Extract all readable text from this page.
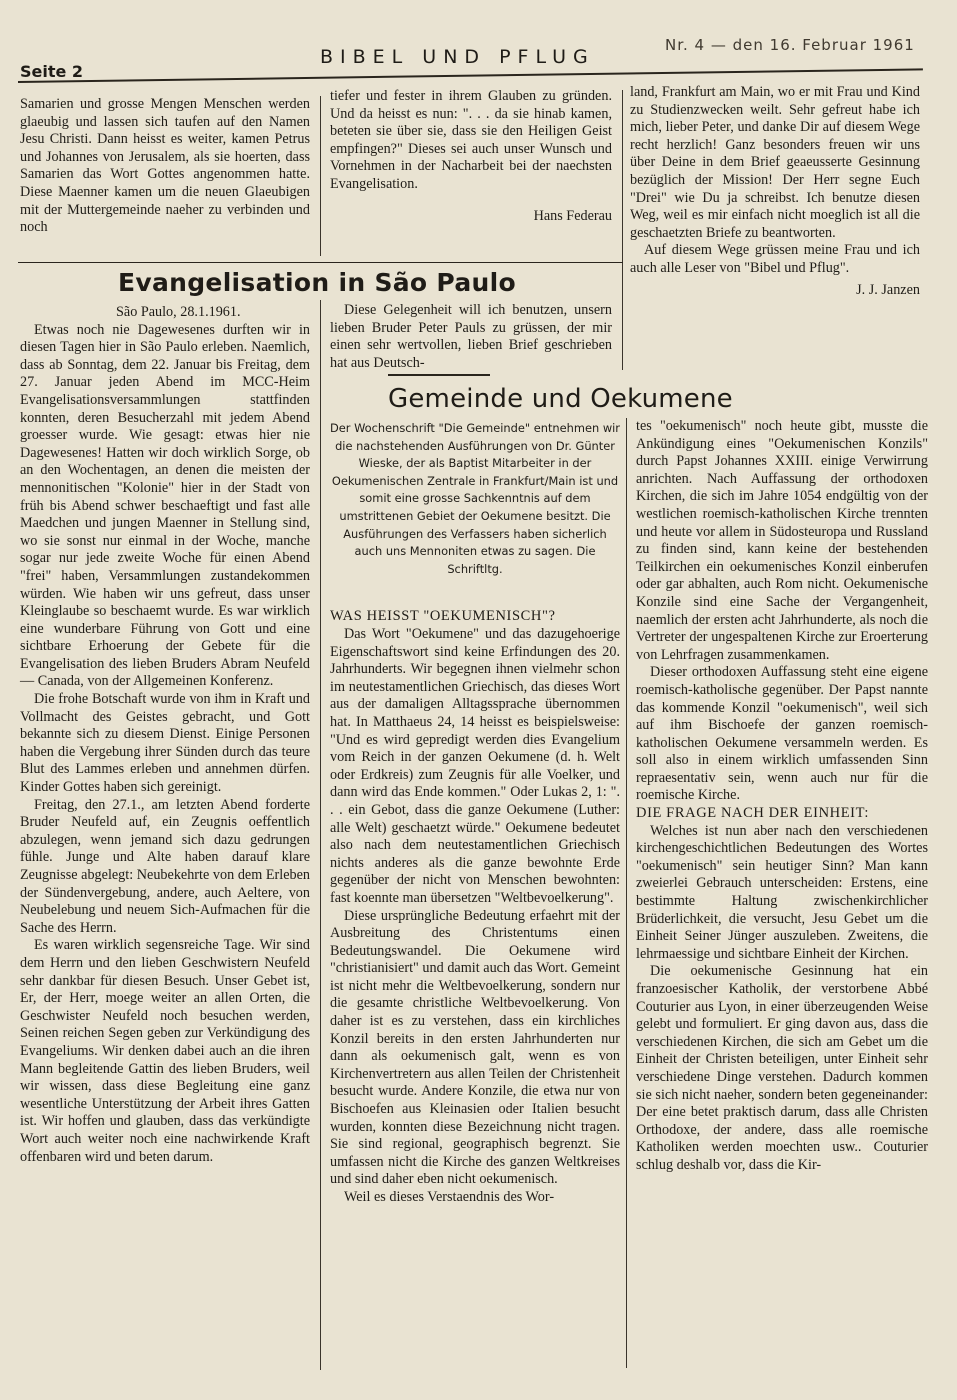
Seite 2
BIBEL UND PFLUG
Nr. 4 — den 16. Februar 1961

Samarien und grosse Mengen Menschen werden glaeubig und lassen sich taufen auf den Namen Jesu Christi. Dann heisst es weiter, kamen Petrus und Johannes von Jerusalem, als sie hoerten, dass Samarien das Wort Gottes angenommen hatte. Diese Maenner kamen um die neuen Glaeubigen mit der Muttergemeinde naeher zu verbinden und noch

tiefer und fester in ihrem Glauben zu gründen. Und da heisst es nun: ". . . da sie hinab kamen, beteten sie über sie, dass sie den Heiligen Geist empfingen?" Dieses sei auch unser Wunsch und Vornehmen in der Nacharbeit bei der naechsten Evangelisation.

Hans Federau

land, Frankfurt am Main, wo er mit Frau und Kind zu Studienzwecken weilt. Sehr gefreut habe ich mich, lieber Peter, und danke Dir auf diesem Wege recht herzlich! Ganz besonders freuen wir uns über Deine in dem Brief geaeusserte Gesinnung bezüglich der Mission! Der Herr segne Euch "Drei" wie Du ja schreibst. Ich benutze diesen Weg, weil es mir einfach nicht moeglich ist all die geschaetzten Briefe zu beantworten.

Auf diesem Wege grüssen meine Frau und ich auch alle Leser von "Bibel und Pflug".

J. J. Janzen

Evangelisation in São Paulo

São Paulo, 28.1.1961.

Etwas noch nie Dagewesenes durften wir in diesen Tagen hier in São Paulo erleben. Naemlich, dass ab Sonntag, dem 22. Januar bis Freitag, dem 27. Januar jeden Abend im MCC-Heim Evangelisationsversammlungen stattfinden konnten, deren Besucherzahl mit jedem Abend groesser wurde. Wie gesagt: etwas hier nie Dagewesenes! Hatten wir doch wirklich Sorge, ob an den Wochentagen, an denen die meisten der mennonitischen "Kolonie" hier in der Stadt von früh bis Abend schwer beschaeftigt und fast alle Maedchen und jungen Maenner in Stellung sind, wo sie sonst nur einmal in der Woche, manche sogar nur jede zweite Woche für einen Abend "frei" haben, Versammlungen zustandekommen würden. Wie haben wir uns gefreut, dass unser Kleinglaube so beschaemt wurde. Es war wirklich eine wunderbare Führung von Gott und eine sichtbare Erhoerung der Gebete für die Evangelisation des lieben Bruders Abram Neufeld — Canada, von der Allgemeinen Konferenz.

Die frohe Botschaft wurde von ihm in Kraft und Vollmacht des Geistes gebracht, und Gott bekannte sich zu diesem Dienst. Einige Personen haben die Vergebung ihrer Sünden durch das teure Blut des Lammes erleben und annehmen dürfen. Kinder Gottes haben sich gereinigt.

Freitag, den 27.1., am letzten Abend forderte Bruder Neufeld auf, ein Zeugnis oeffentlich abzulegen, wenn jemand sich dazu gedrungen fühle. Junge und Alte haben darauf klare Zeugnisse abgelegt: Neubekehrte von dem Erleben der Sündenvergebung, andere, auch Aeltere, von Neubelebung und neuem Sich-Aufmachen für die Sache des Herrn.

Es waren wirklich segensreiche Tage. Wir sind dem Herrn und den lieben Geschwistern Neufeld sehr dankbar für diesen Besuch. Unser Gebet ist, Er, der Herr, moege weiter an allen Orten, die Geschwister Neufeld noch besuchen werden, Seinen reichen Segen geben zur Verkündigung des Evangeliums. Wir denken dabei auch an die ihren Mann begleitende Gattin des lieben Bruders, weil wir wissen, dass diese Begleitung eine ganz wesentliche Unterstützung der Arbeit ihres Gatten ist. Wir hoffen und glauben, dass das verkündigte Wort auch weiter noch eine nachwirkende Kraft offenbaren wird und beten darum.

Diese Gelegenheit will ich benutzen, unsern lieben Bruder Peter Pauls zu grüssen, der mir einen sehr wertvollen, lieben Brief geschrieben hat aus Deutsch-

Gemeinde und Oekumene
Der Wochenschrift "Die Gemeinde" entnehmen wir die nachstehenden Ausführungen von Dr. Günter Wieske, der als Baptist Mitarbeiter in der Oekumenischen Zentrale in Frankfurt/Main ist und somit eine grosse Sachkenntnis auf dem umstrittenen Gebiet der Oekumene besitzt. Die Ausführungen des Verfassers haben sicherlich auch uns Mennoniten etwas zu sagen. Die Schriftltg.
WAS HEISST "OEKUMENISCH"?

Das Wort "Oekumene" und das dazugehoerige Eigenschaftswort sind keine Erfindungen des 20. Jahrhunderts. Wir begegnen ihnen vielmehr schon im neutestamentlichen Griechisch, das dieses Wort aus der damaligen Alltagssprache übernommen hat. In Matthaeus 24, 14 heisst es beispielsweise: "Und es wird gepredigt werden dies Evangelium vom Reich in der ganzen Oekumene (d. h. Welt oder Erdkreis) zum Zeugnis für alle Voelker, und dann wird das Ende kommen." Oder Lukas 2, 1: ". . . ein Gebot, dass die ganze Oekumene (Luther: alle Welt) geschaetzt würde." Oekumene bedeutet also nach dem neutestamentlichen Griechisch nichts anderes als die ganze bewohnte Erde gegenüber der nicht von Menschen bewohnten: fast koennte man übersetzen "Weltbevoelkerung".

Diese ursprüngliche Bedeutung erfaehrt mit der Ausbreitung des Christentums einen Bedeutungswandel. Die Oekumene wird "christianisiert" und damit auch das Wort. Gemeint ist nicht mehr die Weltbevoelkerung, sondern nur die gesamte christliche Weltbevoelkerung. Von daher ist es zu verstehen, dass ein kirchliches Konzil bereits in den ersten Jahrhunderten nur dann als oekumenisch galt, wenn es von Kirchenvertretern aus allen Teilen der Christenheit besucht wurde. Andere Konzile, die etwa nur von Bischoefen aus Kleinasien oder Italien besucht wurden, konnten diese Bezeichnung nicht tragen. Sie sind regional, geographisch begrenzt. Sie umfassen nicht die Kirche des ganzen Weltkreises und sind daher eben nicht oekumenisch.

Weil es dieses Verstaendnis des Wor-

tes "oekumenisch" noch heute gibt, musste die Ankündigung eines "Oekumenischen Konzils" durch Papst Johannes XXIII. einige Verwirrung anrichten. Nach Auffassung der orthodoxen Kirchen, die sich im Jahre 1054 endgültig von der westlichen roemisch-katholischen Kirche trennten und heute vor allem in Südosteuropa und Russland zu finden sind, kann keine der bestehenden Teilkirchen ein oekumenisches Konzil einberufen oder gar abhalten, auch Rom nicht. Oekumenische Konzile sind eine Sache der Vergangenheit, naemlich der ersten acht Jahrhunderte, als noch die Vertreter der ungespaltenen Kirche zur Eroerterung von Lehrfragen zusammenkamen.

Dieser orthodoxen Auffassung steht eine eigene roemisch-katholische gegenüber. Der Papst nannte das kommende Konzil "oekumenisch", weil sich auf ihm Bischoefe der ganzen roemisch-katholischen Oekumene versammeln werden. Es soll also in einem wirklich umfassenden Sinn repraesentativ sein, wenn auch nur für die roemische Kirche.

DIE FRAGE NACH DER EINHEIT:

Welches ist nun aber nach den verschiedenen kirchengeschichtlichen Bedeutungen des Wortes "oekumenisch" sein heutiger Sinn? Man kann zweierlei Gebrauch unterscheiden: Erstens, eine bestimmte Haltung zwischenkirchlicher Brüderlichkeit, die versucht, Jesu Gebet um die Einheit Seiner Jünger auszuleben. Zweitens, die lehrmaessige und sichtbare Einheit der Kirchen.

Die oekumenische Gesinnung hat ein franzoesischer Katholik, der verstorbene Abbé Couturier aus Lyon, in einer überzeugenden Weise gelebt und formuliert. Er ging davon aus, dass die verschiedenen Kirchen, die sich am Gebet um die Einheit der Christen beteiligen, unter Einheit sehr verschiedene Dinge verstehen. Dadurch kommen sie sich nicht naeher, sondern beten gegeneinander: Der eine betet praktisch darum, dass alle Christen Orthodoxe, der andere, dass alle roemische Katholiken werden moechten usw.. Couturier schlug deshalb vor, dass die Kir-
